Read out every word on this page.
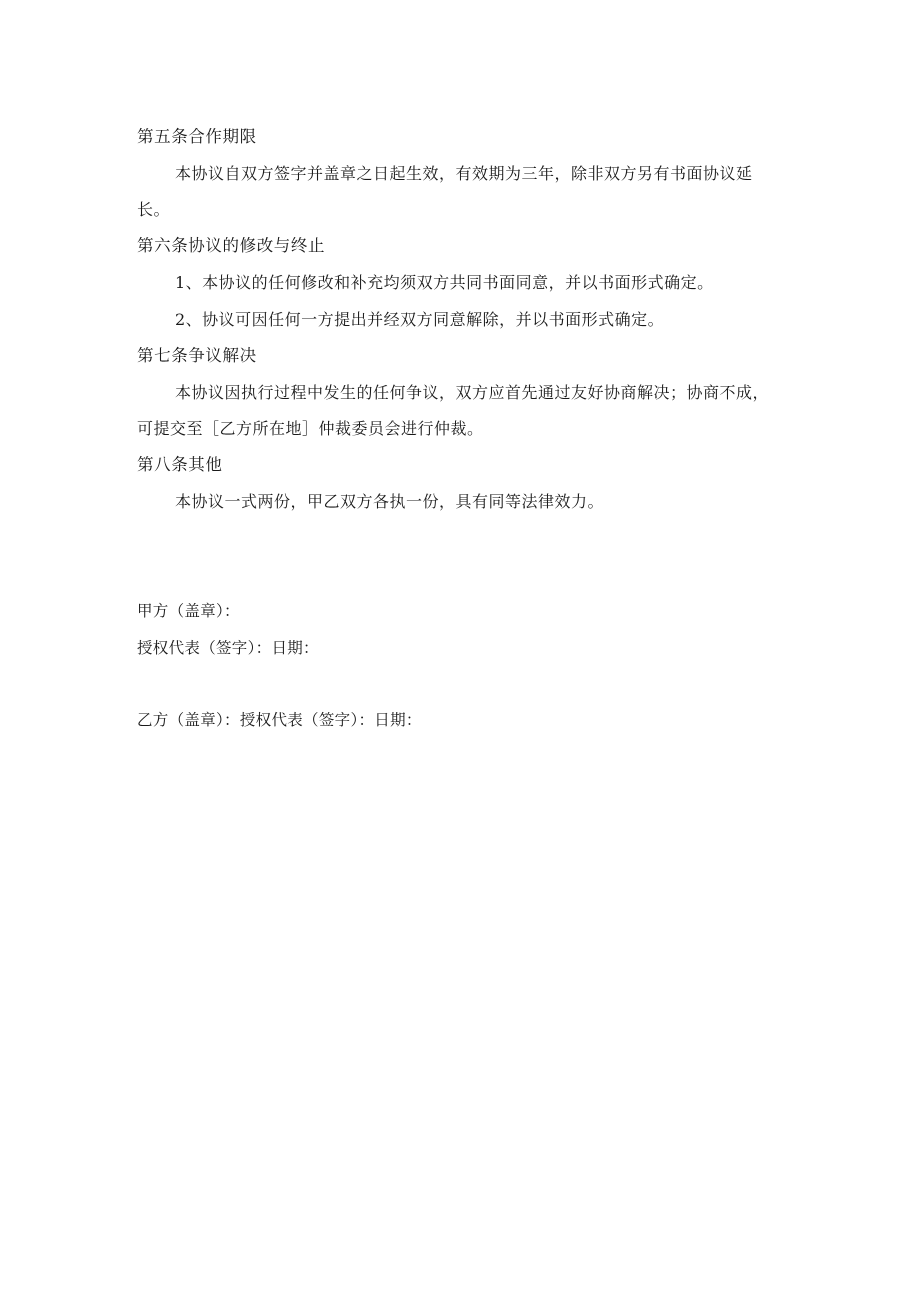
第五条合作期限
本协议自双方签字并盖章之日起生效，有效期为三年，除非双方另有书面协议延
长。
第六条协议的修改与终止
1、本协议的任何修改和补充均须双方共同书面同意，并以书面形式确定。
2、协议可因任何一方提出并经双方同意解除，并以书面形式确定。
第七条争议解决
本协议因执行过程中发生的任何争议，双方应首先通过友好协商解决；协商不成，
可提交至［乙方所在地］仲裁委员会进行仲裁。
第八条其他
本协议一式两份，甲乙双方各执一份，具有同等法律效力。
甲方（盖章）：
授权代表（签字）：日期：
乙方（盖章）：授权代表（签字）：日期：
